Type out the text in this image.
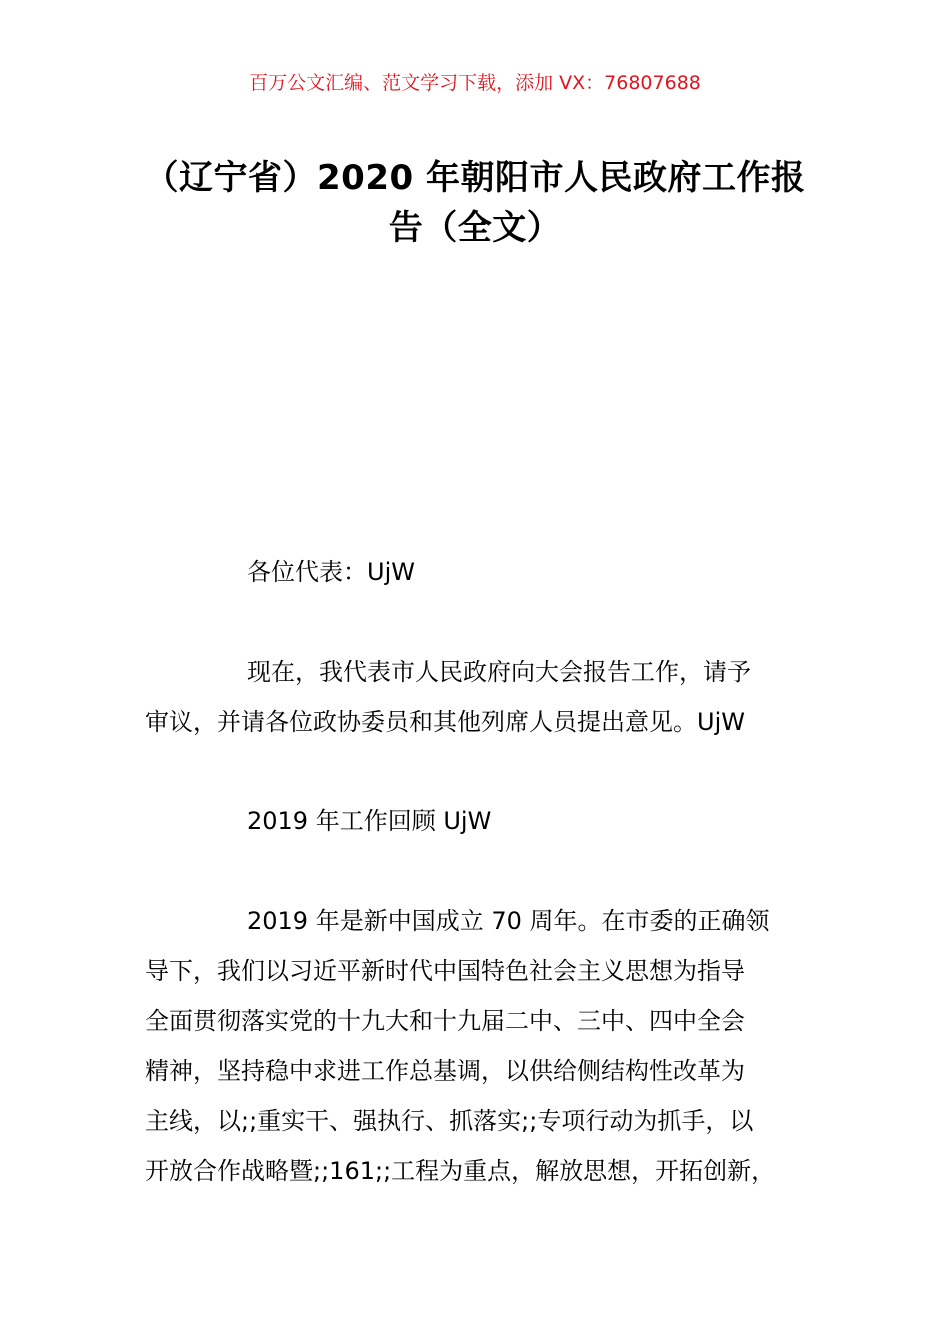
百万公文汇编、范文学习下载，添加 VX：76807688
（辽宁省）2020 年朝阳市人民政府工作报
告（全文）
各位代表：UjW
现在，我代表市人民政府向大会报告工作，请予
审议，并请各位政协委员和其他列席人员提出意见。UjW
2019 年工作回顾 UjW
2019 年是新中国成立 70 周年。在市委的正确领
导下，我们以习近平新时代中国特色社会主义思想为指导
全面贯彻落实党的十九大和十九届二中、三中、四中全会
精神，坚持稳中求进工作总基调，以供给侧结构性改革为
主线，以;;重实干、强执行、抓落实;;专项行动为抓手，以
开放合作战略暨;;161;;工程为重点，解放思想，开拓创新，
